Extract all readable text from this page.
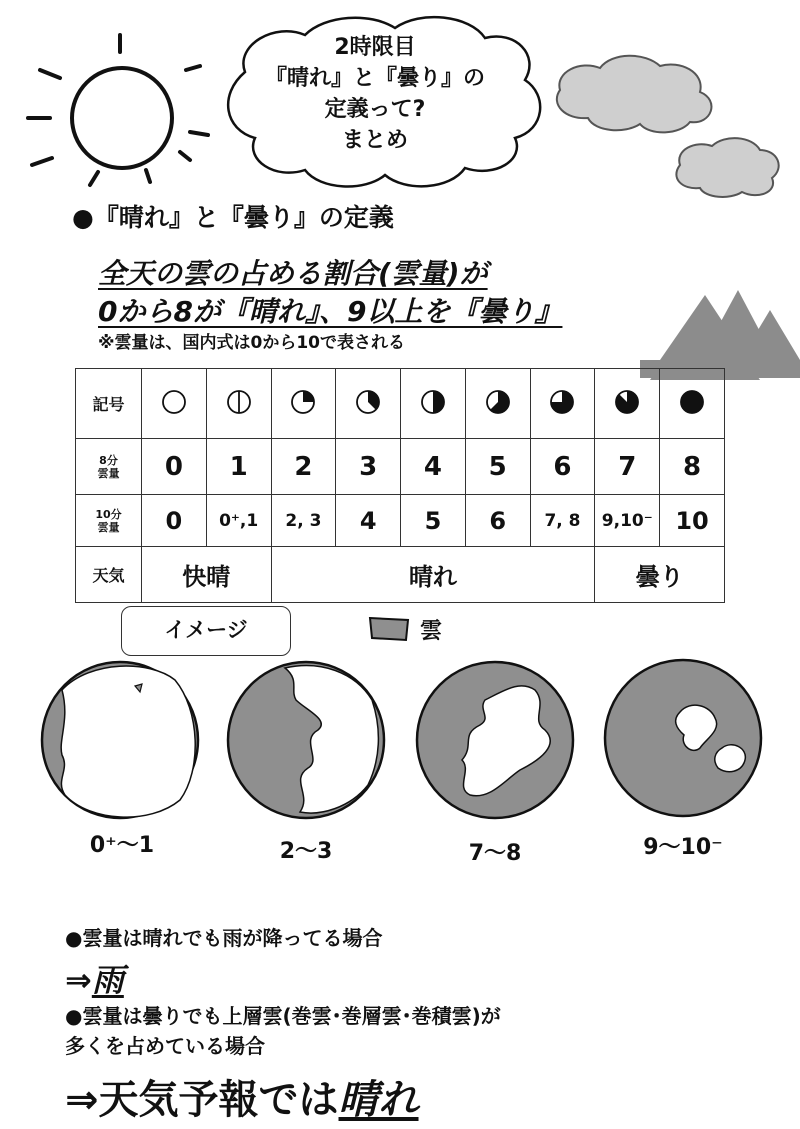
2時限目
『晴れ』と『曇り』の
定義って?
まとめ
●『晴れ』と『曇り』の定義
全天の雲の占める割合(雲量)が
0から8が『晴れ』、9以上を『曇り』
※雲量は、国内式は0から10で表される
記号									
8分
雲量	0	1	2	3	4	5	6	7	8
10分
雲量	0	0⁺,1	2, 3	4	5	6	7, 8	9,10⁻	10
天気	快晴		晴れ					曇り	
イメージ	雲
0⁺〜1	2〜3	7〜8	9〜10⁻
●雲量は晴れでも雨が降ってる場合
⇒雨
●雲量は曇りでも上層雲(巻雲･巻層雲･巻積雲)が
多くを占めている場合
⇒天気予報では晴れ
